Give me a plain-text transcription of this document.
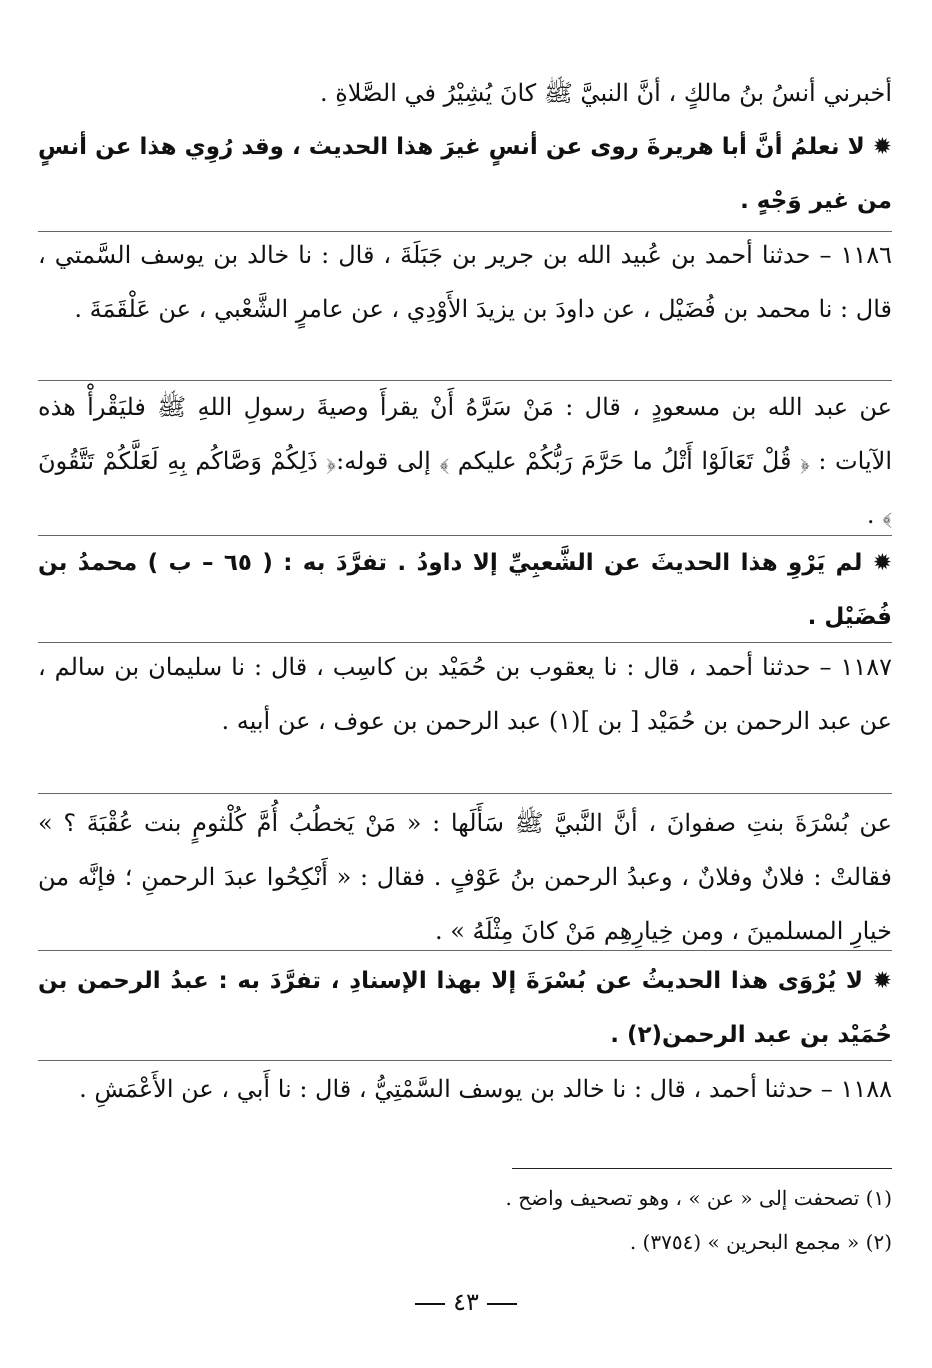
أخبرني أنسُ بنُ مالكٍ ، أنَّ النبيَّ ﷺ كانَ يُشِيْرُ في الصَّلاةِ .
✹ لا نعلمُ أنَّ أبا هريرةَ روى عن أنسٍ غيرَ هذا الحديث ، وقد رُوِي هذا عن أنسٍ من غير وَجْهٍ .
١١٨٦ – حدثنا أحمد بن عُبيد الله بن جرير بن جَبَلَةَ ، قال : نا خالد بن يوسف السَّمتي ، قال : نا محمد بن فُضَيْل ، عن داودَ بن يزيدَ الأَوْدِي ، عن عامرٍ الشَّعْبي ، عن عَلْقَمَةَ .
عن عبد الله بن مسعودٍ ، قال : مَنْ سَرَّهُ أَنْ يقرأَ وصيةَ رسولِ اللهِ ﷺ فليَقْرأْ هذه الآيات : ﴿ قُلْ تَعَالَوْا أَتْلُ ما حَرَّمَ رَبُّكُمْ عليكم ﴾ إلى قوله:﴿ ذَلِكُمْ وَصَّاكُم بِهِ لَعَلَّكُمْ تَتَّقُونَ ﴾ .
✹ لم يَرْوِ هذا الحديثَ عن الشَّعبِيِّ إلا داودُ . تفرَّدَ به : ( ٦٥ – ب ) محمدُ بن فُضَيْل .
١١٨٧ – حدثنا أحمد ، قال : نا يعقوب بن حُمَيْد بن كاسِب ، قال : نا سليمان بن سالم ، عن عبد الرحمن بن حُمَيْد [ بن ](١) عبد الرحمن بن عوف ، عن أبيه .
عن بُسْرَةَ بنتِ صفوانَ ، أنَّ النَّبيَّ ﷺ سَأَلَها : « مَنْ يَخطُبُ أُمَّ كُلْثومٍ بنت عُقْبَةَ ؟ » فقالتْ : فلانٌ وفلانٌ ، وعبدُ الرحمن بنُ عَوْفٍ . فقال : « أَنْكِحُوا عبدَ الرحمنِ ؛ فإنَّه من خيارِ المسلمينَ ، ومن خِيارِهِم مَنْ كانَ مِثْلَهُ » .
✹ لا يُرْوَى هذا الحديثُ عن بُسْرَةَ إلا بهذا الإسنادِ ، تفرَّدَ به : عبدُ الرحمن بن حُمَيْد بن عبد الرحمن(٢) .
١١٨٨ – حدثنا أحمد ، قال : نا خالد بن يوسف السَّمْتِيُّ ، قال : نا أَبي ، عن الأَعْمَشِ .
(١) تصحفت إلى « عن » ، وهو تصحيف واضح .
(٢) « مجمع البحرين » (٣٧٥٤) .
٤٣
